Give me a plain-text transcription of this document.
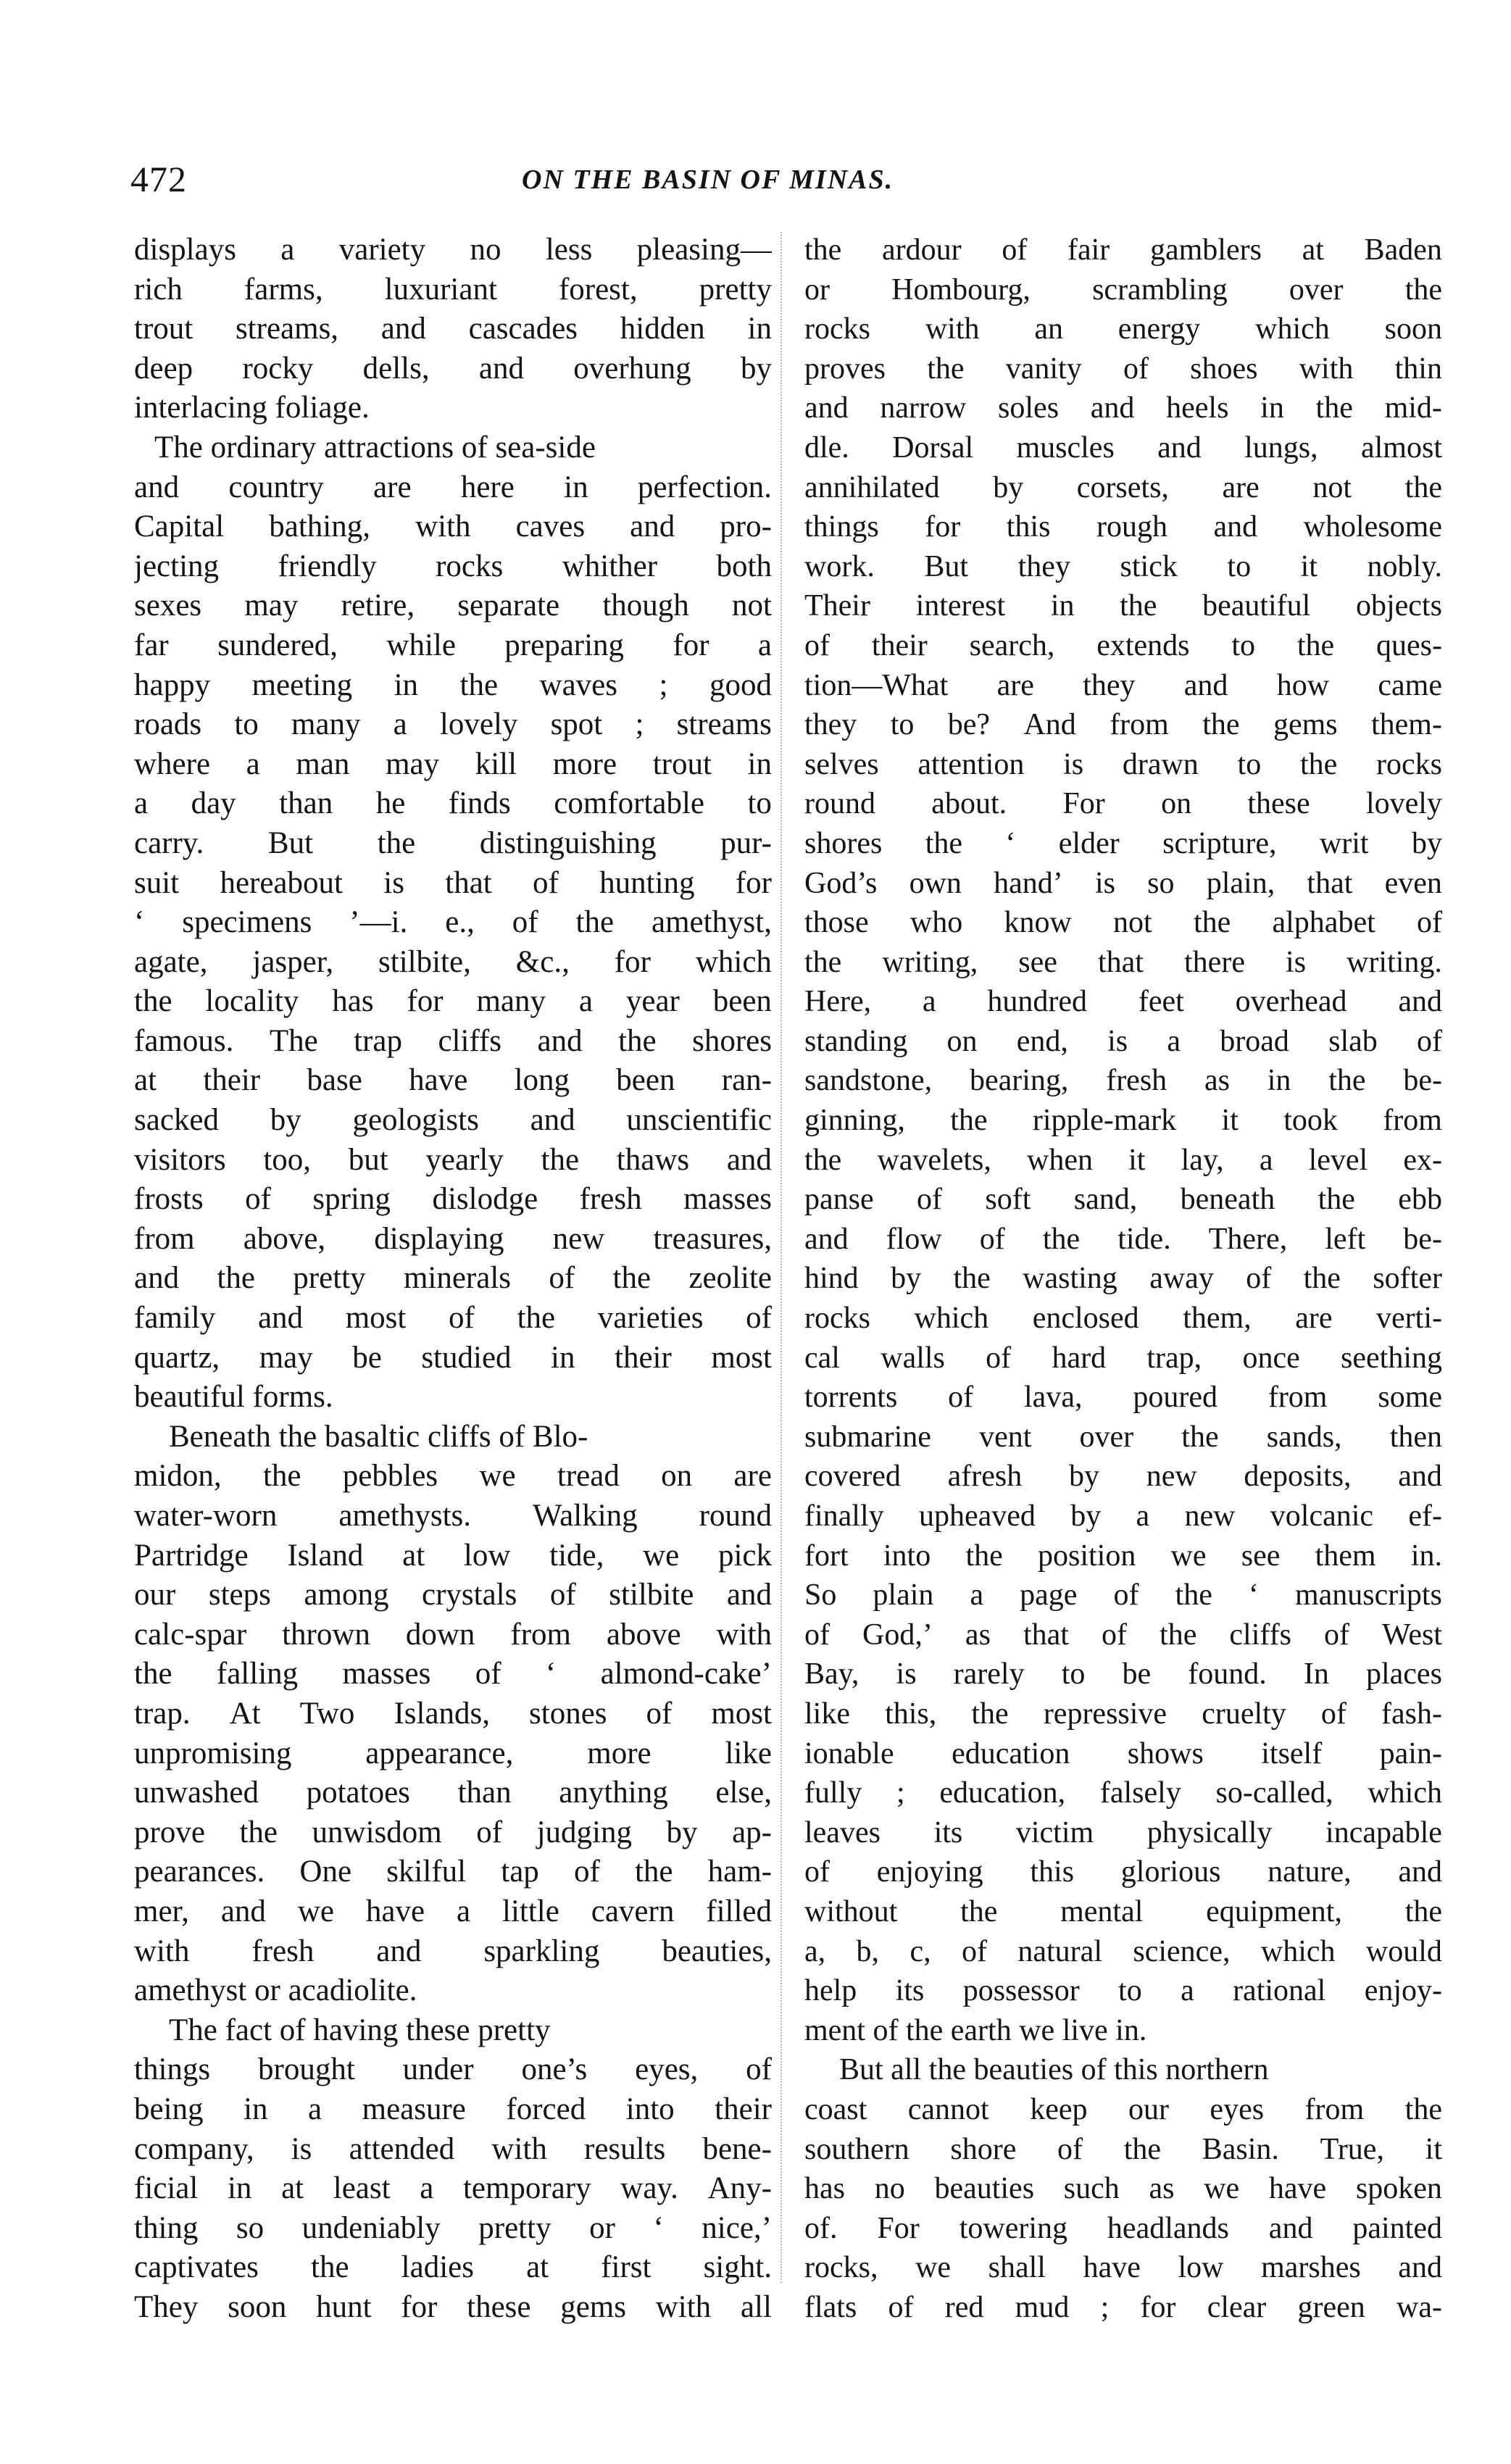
472	ON THE BASIN OF MINAS.
displays a variety no less pleasing—
rich farms, luxuriant forest, pretty
trout streams, and cascades hidden in
deep rocky dells, and overhung by
interlacing foliage.
The ordinary attractions of sea-side
and country are here in perfection.
Capital bathing, with caves and pro-
jecting friendly rocks whither both
sexes may retire, separate though not
far sundered, while preparing for a
happy meeting in the waves ; good
roads to many a lovely spot ; streams
where a man may kill more trout in
a day than he finds comfortable to
carry. But the distinguishing pur-
suit hereabout is that of hunting for
‘ specimens ’—i. e., of the amethyst,
agate, jasper, stilbite, &c., for which
the locality has for many a year been
famous. The trap cliffs and the shores
at their base have long been ran-
sacked by geologists and unscientific
visitors too, but yearly the thaws and
frosts of spring dislodge fresh masses
from above, displaying new treasures,
and the pretty minerals of the zeolite
family and most of the varieties of
quartz, may be studied in their most
beautiful forms.
Beneath the basaltic cliffs of Blo-
midon, the pebbles we tread on are
water-worn amethysts. Walking round
Partridge Island at low tide, we pick
our steps among crystals of stilbite and
calc-spar thrown down from above with
the falling masses of ‘ almond-cake’
trap. At Two Islands, stones of most
unpromising appearance, more like
unwashed potatoes than anything else,
prove the unwisdom of judging by ap-
pearances. One skilful tap of the ham-
mer, and we have a little cavern filled
with fresh and sparkling beauties,
amethyst or acadiolite.
The fact of having these pretty
things brought under one’s eyes, of
being in a measure forced into their
company, is attended with results bene-
ficial in at least a temporary way. Any-
thing so undeniably pretty or ‘ nice,’
captivates the ladies at first sight.
They soon hunt for these gems with all
the ardour of fair gamblers at Baden
or Hombourg, scrambling over the
rocks with an energy which soon
proves the vanity of shoes with thin
and narrow soles and heels in the mid-
dle. Dorsal muscles and lungs, almost
annihilated by corsets, are not the
things for this rough and wholesome
work. But they stick to it nobly.
Their interest in the beautiful objects
of their search, extends to the ques-
tion—What are they and how came
they to be? And from the gems them-
selves attention is drawn to the rocks
round about. For on these lovely
shores the ‘ elder scripture, writ by
God’s own hand’ is so plain, that even
those who know not the alphabet of
the writing, see that there is writing.
Here, a hundred feet overhead and
standing on end, is a broad slab of
sandstone, bearing, fresh as in the be-
ginning, the ripple-mark it took from
the wavelets, when it lay, a level ex-
panse of soft sand, beneath the ebb
and flow of the tide. There, left be-
hind by the wasting away of the softer
rocks which enclosed them, are verti-
cal walls of hard trap, once seething
torrents of lava, poured from some
submarine vent over the sands, then
covered afresh by new deposits, and
finally upheaved by a new volcanic ef-
fort into the position we see them in.
So plain a page of the ‘ manuscripts
of God,’ as that of the cliffs of West
Bay, is rarely to be found. In places
like this, the repressive cruelty of fash-
ionable education shows itself pain-
fully ; education, falsely so-called, which
leaves its victim physically incapable
of enjoying this glorious nature, and
without the mental equipment, the
a, b, c, of natural science, which would
help its possessor to a rational enjoy-
ment of the earth we live in.
But all the beauties of this northern
coast cannot keep our eyes from the
southern shore of the Basin. True, it
has no beauties such as we have spoken
of. For towering headlands and painted
rocks, we shall have low marshes and
flats of red mud ; for clear green wa-
